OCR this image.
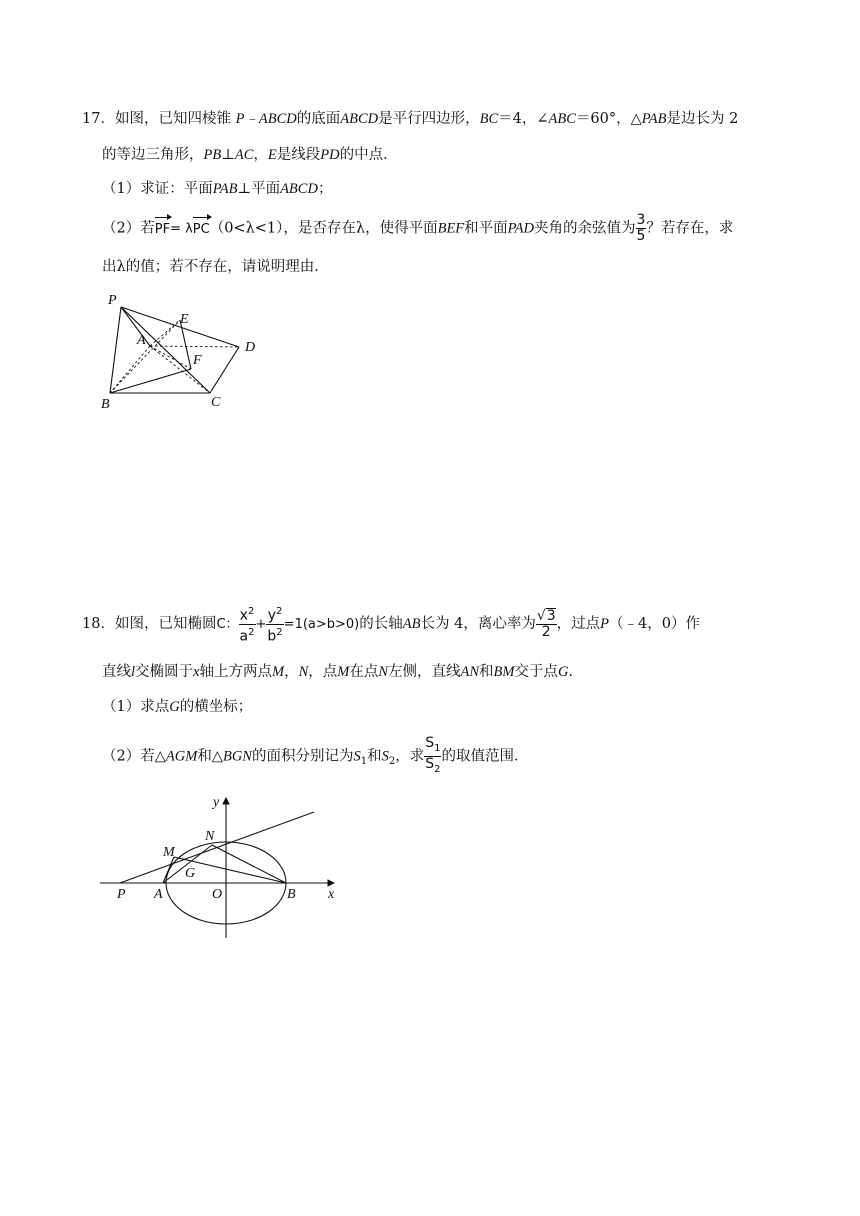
17．如图，已知四棱锥 P﹣ABCD的底面ABCD是平行四边形，BC＝4，∠ABC＝60°，△PAB是边长为 2
的等边三角形，PB⊥AC，E是线段PD的中点．
（1）求证：平面PAB⊥平面ABCD；
（2）若PF= λPC（0<λ<1），是否存在λ，使得平面BEF和平面PAD夹角的余弦值为 $\frac{3}{5}$ ？若存在，求
出λ的值；若不存在，请说明理由．
P
E
A	D
F
B	C
18．如图，已知椭圆C： $\frac{x^2}{a^2} + \frac{y^2}{b^2} =1(a>b>0)$的长轴AB长为 4，离心率为 $\frac{√3}{2}$ ，过点P（﹣4，0）作
直线l交椭圆于x轴上方两点M，N，点M在点N左侧，直线AN和BM交于点G．
（1）求点G的横坐标；
（2）若△AGM和△BGN的面积分别记为$S_1$和$S_2$，求 $\frac{S_1}{S_2}$ 的取值范围．
y
N
M
G
P A	O	B x
